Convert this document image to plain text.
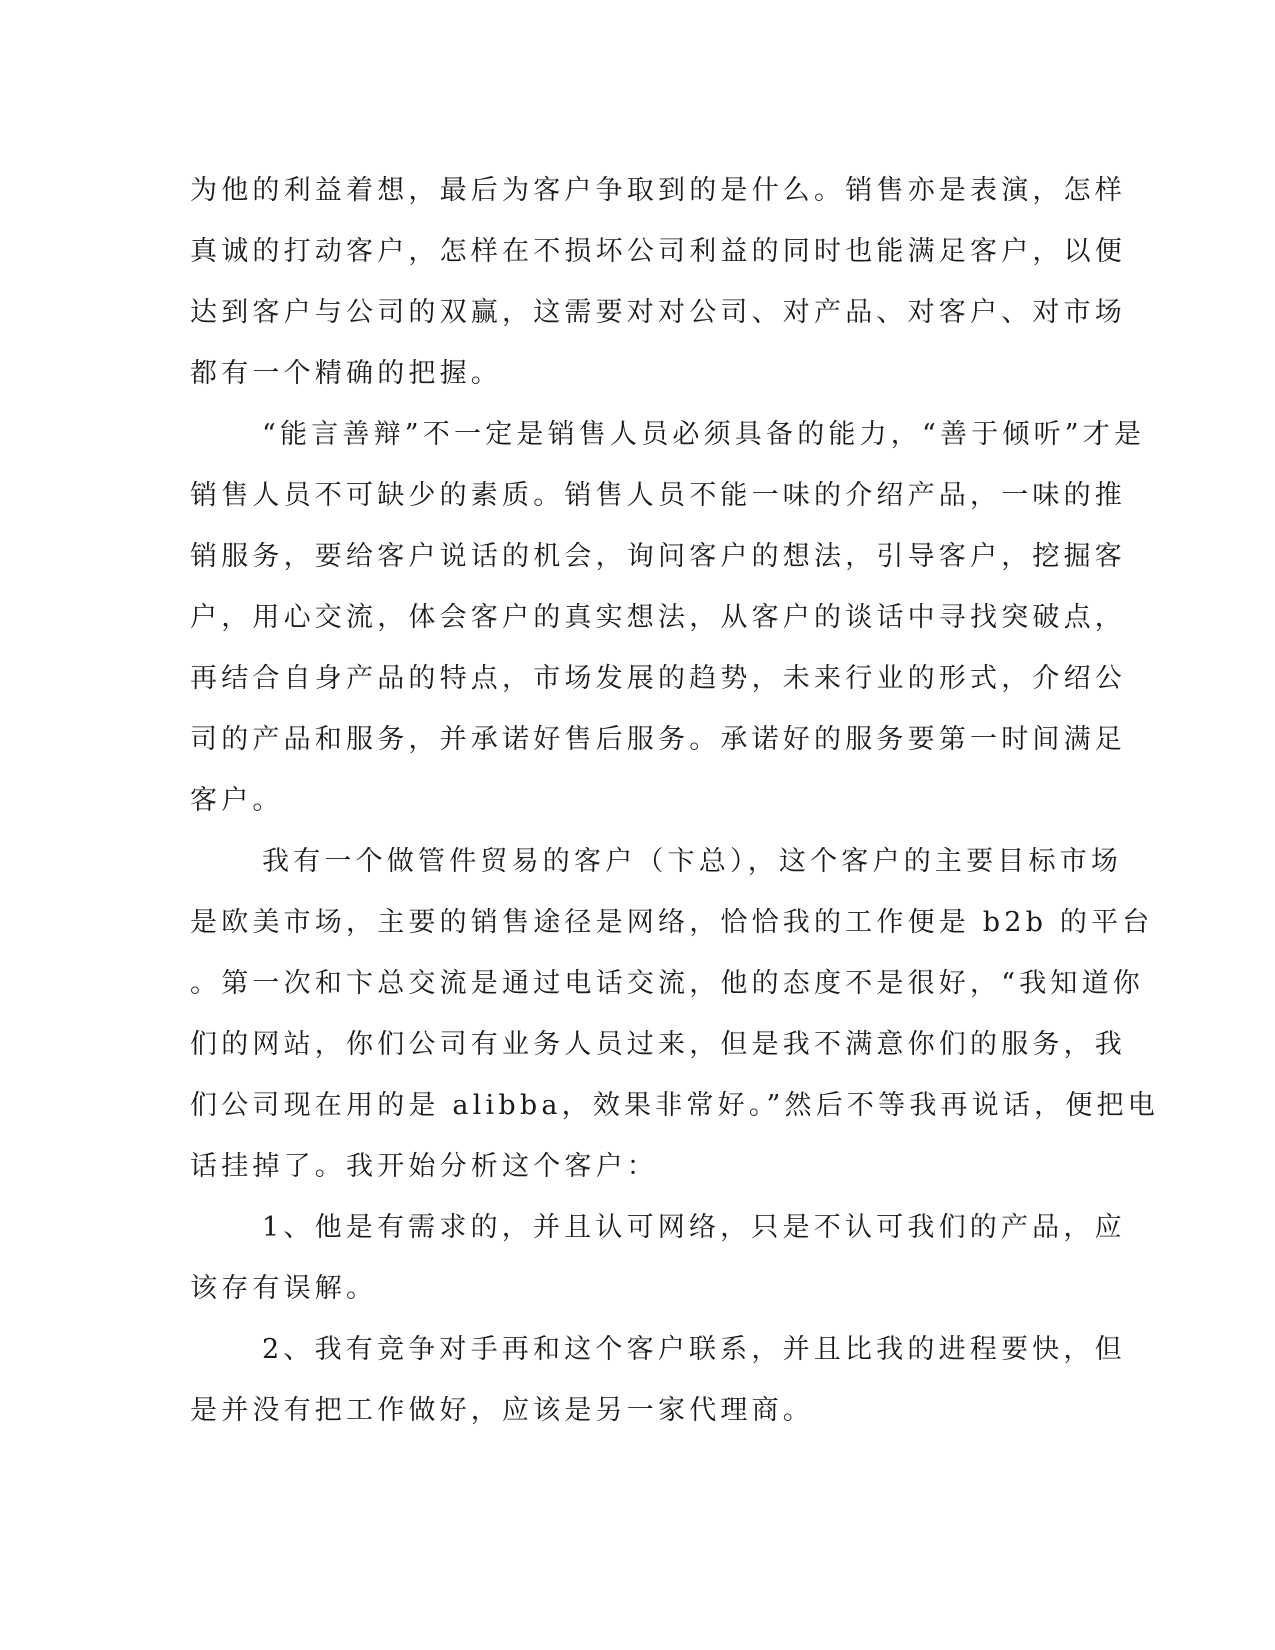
为他的利益着想，最后为客户争取到的是什么。销售亦是表演，怎样
真诚的打动客户，怎样在不损坏公司利益的同时也能满足客户，以便
达到客户与公司的双赢，这需要对对公司、对产品、对客户、对市场
都有一个精确的把握。
“能言善辩”不一定是销售人员必须具备的能力，“善于倾听”才是
销售人员不可缺少的素质。销售人员不能一味的介绍产品，一味的推
销服务，要给客户说话的机会，询问客户的想法，引导客户，挖掘客
户，用心交流，体会客户的真实想法，从客户的谈话中寻找突破点，
再结合自身产品的特点，市场发展的趋势，未来行业的形式，介绍公
司的产品和服务，并承诺好售后服务。承诺好的服务要第一时间满足
客户。
我有一个做管件贸易的客户（卞总），这个客户的主要目标市场
是欧美市场，主要的销售途径是网络，恰恰我的工作便是 b2b 的平台
。第一次和卞总交流是通过电话交流，他的态度不是很好，“我知道你
们的网站，你们公司有业务人员过来，但是我不满意你们的服务，我
们公司现在用的是 alibba，效果非常好。”然后不等我再说话，便把电
话挂掉了。我开始分析这个客户：
1、他是有需求的，并且认可网络，只是不认可我们的产品，应
该存有误解。
2、我有竞争对手再和这个客户联系，并且比我的进程要快，但
是并没有把工作做好，应该是另一家代理商。
